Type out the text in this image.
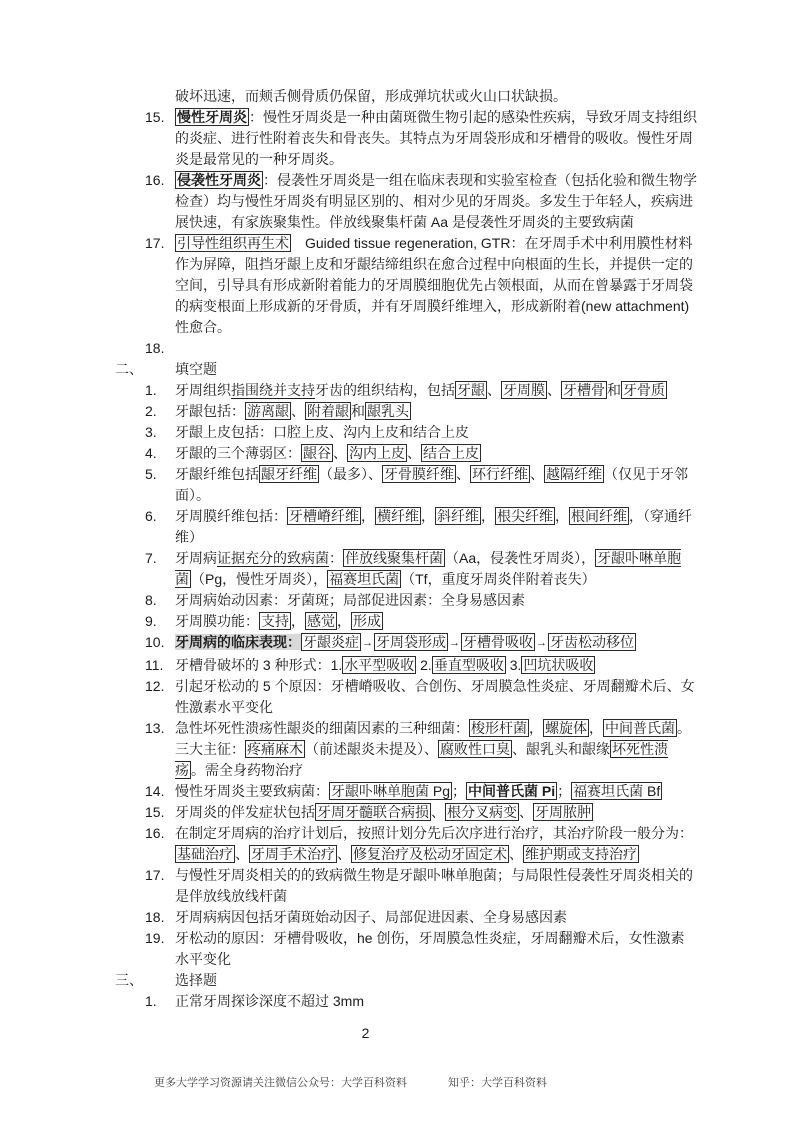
破坏迅速，而颊舌侧骨质仍保留，形成弹坑状或火山口状缺损。

15. 慢性牙周炎 ：慢性牙周炎是一种由菌斑微生物引起的感染性疾病，导致牙周支持组织的炎症、进行性附着丧失和骨丧失。其特点为牙周袋形成和牙槽骨的吸收。慢性牙周炎是最常见的一种牙周炎。
16. 侵袭性牙周炎 ：侵袭性牙周炎是一组在临床表现和实验室检查（包括化验和微生物学检查）均与慢性牙周炎有明显区别的、相对少见的牙周炎。多发生于年轻人，疾病进展快速，有家族聚集性。伴放线聚集杆菌 Aa 是侵袭性牙周炎的主要致病菌
17. 引导性组织再生术　Guided tissue regeneration, GTR：在牙周手术中利用膜性材料作为屏障，阻挡牙龈上皮和牙龈结缔组织在愈合过程中向根面的生长，并提供一定的空间，引导具有形成新附着能力的牙周膜细胞优先占领根面，从而在曾暴露于牙周袋的病变根面上形成新的牙骨质，并有牙周膜纤维埋入，形成新附着(new attachment)性愈合。
18.
二、	填空题
1.	牙周组织指围绕并支持牙齿的组织结构，包括 牙龈 、 牙周膜 、 牙槽骨 和 牙骨质
2.	牙龈包括： 游离龈 、 附着龈 和 龈乳头
3.	牙龈上皮包括：口腔上皮、沟内上皮和结合上皮
4.	牙龈的三个薄弱区： 龈谷 、 沟内上皮 、 结合上皮
5.	牙龈纤维包括 龈牙纤维 （最多）、 牙骨膜纤维 、 环行纤维 、 越隔纤维 （仅见于牙邻面）。
6.	牙周膜纤维包括： 牙槽嵴纤维 ， 横纤维 ， 斜纤维 ， 根尖纤维 ， 根间纤维 ，（穿通纤维）
7.	牙周病证据充分的致病菌： 伴放线聚集杆菌 （Aa，侵袭性牙周炎）， 牙龈卟啉单胞菌 （Pg，慢性牙周炎）， 福赛坦氏菌 （Tf，重度牙周炎伴附着丧失）
8.	牙周病始动因素：牙菌斑；局部促进因素：全身易感因素
9.	牙周膜功能： 支持 ， 感觉 ， 形成
10. 牙周病的临床表现： 牙龈炎症 → 牙周袋形成 → 牙槽骨吸收 → 牙齿松动移位
11. 牙槽骨破坏的 3 种形式：1. 水平型吸收 2. 垂直型吸收 3. 凹坑状吸收
12. 引起牙松动的 5 个原因：牙槽嵴吸收、合创伤、牙周膜急性炎症、牙周翻瓣术后、女性激素水平变化
13. 急性坏死性溃疡性龈炎的细菌因素的三种细菌： 梭形杆菌 ， 螺旋体 ， 中间普氏菌 。三大主征： 疼痛麻木 （前述龈炎未提及）、 腐败性口臭 、龈乳头和龈缘 坏死性溃疡 。需全身药物治疗
14. 慢性牙周炎主要致病菌： 牙龈卟啉单胞菌 Pg ； 中间普氏菌 Pi ； 福赛坦氏菌 Bf
15. 牙周炎的伴发症状包括 牙周牙髓联合病损 、 根分叉病变 、 牙周脓肿
16. 在制定牙周病的治疗计划后，按照计划分先后次序进行治疗，其治疗阶段一般分为：基础治疗 、 牙周手术治疗 、 修复治疗及松动牙固定术 、 维护期或支持治疗
17. 与慢性牙周炎相关的的致病微生物是牙龈卟啉单胞菌；与局限性侵袭性牙周炎相关的是伴放线放线杆菌
18. 牙周病病因包括牙菌斑始动因子、局部促进因素、全身易感因素
19. 牙松动的原因：牙槽骨吸收，he 创伤，牙周膜急性炎症，牙周翻瓣术后，女性激素水平变化
三、	选择题
1.	正常牙周探诊深度不超过 3mm
2
更多大学学习资源请关注微信公众号：大学百科资料	知乎：大学百科资料
